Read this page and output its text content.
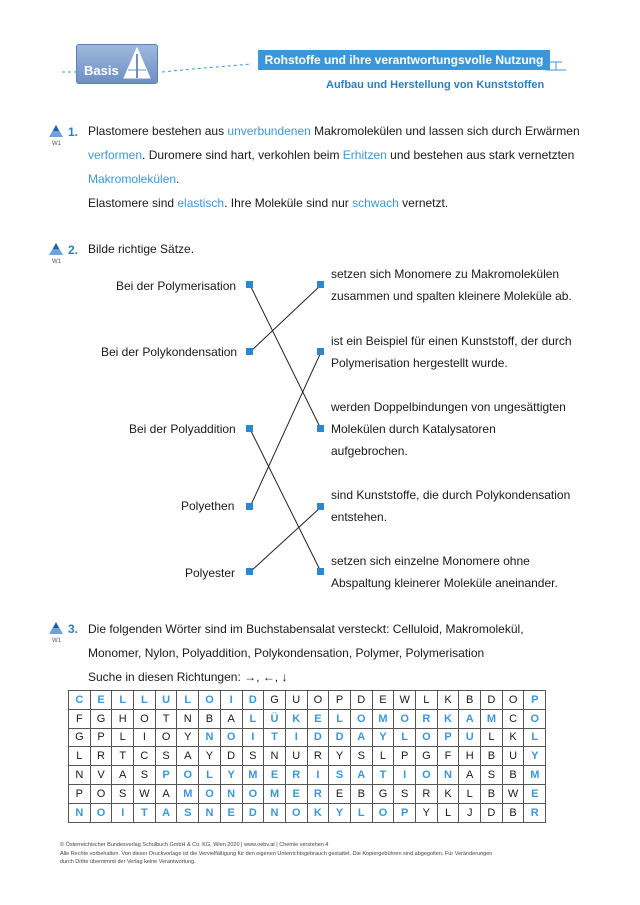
Basis
Rohstoffe und ihre verantwortungsvolle Nutzung
Aufbau und Herstellung von Kunststoffen
W1
1. Plastomere bestehen aus unverbundenen Makromolekülen und lassen sich durch Erwärmen
verformen. Duromere sind hart, verkohlen beim Erhitzen und bestehen aus stark vernetzten
Makromolekülen.
Elastomere sind elastisch. Ihre Moleküle sind nur schwach vernetzt.
W1
2. Bilde richtige Sätze.
Bei der Polymerisation
Bei der Polykondensation
Bei der Polyaddition
Polyethen
Polyester
setzen sich Monomere zu Makromolekülen
zusammen und spalten kleinere Moleküle ab.
ist ein Beispiel für einen Kunststoff, der durch
Polymerisation hergestellt wurde.
werden Doppelbindungen von ungesättigten
Molekülen durch Katalysatoren
aufgebrochen.
sind Kunststoffe, die durch Polykondensation
entstehen.
setzen sich einzelne Monomere ohne
Abspaltung kleinerer Moleküle aneinander.
W1
3. Die folgenden Wörter sind im Buchstabensalat versteckt: Celluloid, Makromolekül,
Monomer, Nylon, Polyaddition, Polykondensation, Polymer, Polymerisation
Suche in diesen Richtungen: →, ←, ↓
C	E	L	L	U	L	O	I	D	G	U	O	P	D	E	W	L	K	B	D	O	P
F	G	H	O	T	N	B	A	L	Ü	K	E	L	O	M	O	R	K	A	M	C	O
G	P	L	I	O	Y	N	O	I	T	I	D	D	A	Y	L	O	P	U	L	K	L
L	R	T	C	S	A	Y	D	S	N	U	R	Y	S	L	P	G	F	H	B	U	Y
N	V	A	S	P	O	L	Y	M	E	R	I	S	A	T	I	O	N	A	S	B	M
P	O	S	W	A	M	O	N	O	M	E	R	E	B	G	S	R	K	L	B	W	E
N	O	I	T	A	S	N	E	D	N	O	K	Y	L	O	P	Y	L	J	D	B	R
© Österreichischer Bundesverlag Schulbuch GmbH & Co. KG, Wien 2020 | www.oebv.at | Chemie verstehen 4
Alle Rechte vorbehalten. Von dieser Druckvorlage ist die Vervielfältigung für den eigenen Unterrichtsgebrauch gestattet. Die Kopiergebühren sind abgegolten. Für Veränderungen
durch Dritte übernimmt der Verlag keine Verantwortung.
